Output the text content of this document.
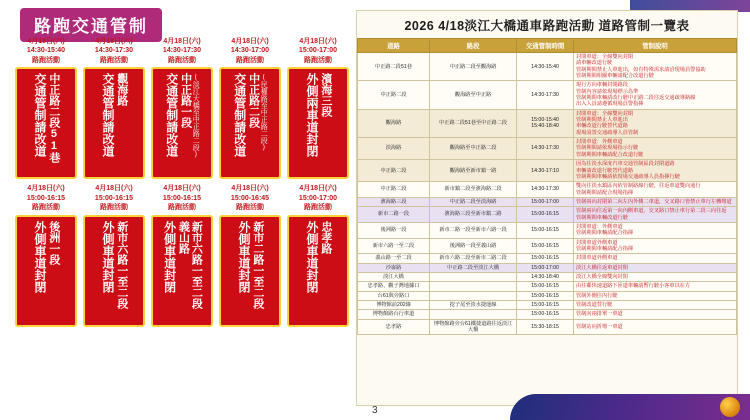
路跑交通管制
4月18日(六)
14:30-15:40
路跑活動
中正路二段51巷
交通管制請改道
4月18日(六)
14:30-17:30
路跑活動
觀海路
交通管制請改道
4月18日(六)
14:30-17:30
路跑活動
(淡江大橋至中正路二段)
中正路一段
交通管制請改道
4月18日(六)
14:30-17:00
路跑活動
(民權路至中正路二段)
中正路二段
交通管制請改道
4月18日(六)
15:00-17:00
路跑活動
濱海三段
外側兩車道封閉
4月18日(六)
15:00-16:15
路跑活動
後洲一段
外側車道封閉
4月18日(六)
15:00-16:15
路跑活動
新市六路一至二段
外側車道封閉
4月18日(六)
15:00-16:15
路跑活動
新市六路一至二段
義山路
外側車道封閉
4月18日(六)
15:00-16:45
路跑活動
新市二路一至二段
外側車道封閉
4月18日(六)
15:00-17:00
路跑活動
忠孝路
外側車道封閉
2026 4/18淡江大橋通車路跑活動 道路管制一覽表
道路	路段	交通管制時間	管制說明
中正路二段51巷	中正路二段至觀海路	14:30-15:40	封閉車道：全線雙向封閉
請車輛改道行駛
管制期間禁止人車進出，如有特殊需求請洽現場員警協助
管制期間相關車輛請配合改道行駛
中正路二段	觀海路至中正路	14:30-17:30	現行方向車輛封閉路段
管制內容請依現場標示為準
管制期間車輛請改行駛中正路二段往返交通疏導路線
出入人員請遵循現場員警指揮
觀海路	中正路二段51巷至中正路二段	15:00-15:40
15:40-18:40	封閉車道：全線雙向封閉
管制期間禁止人車進出
車輛改道行駛替代道路
現場設置交通疏導人員管制
淡海路	觀海路至中正路二段	14:30-17:30	封閉車道：外側車道
管制期間請依現場指示行駛
管制期間車輛請配合改道行駛
中正路二段	觀海路至新市鎮一路	14:30-17:10	因為往淡水深度汽車交通管制區段封閉道路
車輛請改道行駛替代道路
管制期間車輛請依現場交通疏導人員指揮行駛
中正路二段	新市鎮二段至濱海路二段	14:30-17:30	雙向往淡水鎮區內依管制路線行駛，往返車道雙向通行
管制期間請配合現場指揮
濱海路三段	中正路二段至淡海路	15:00-17:00	管制兩向封閉第二向左內外側二車道，交叉路口皆禁止車行左轉彎道
新市二路一段	濱海路三段至新市鎮二路	15:00-16:15	管制兩向往返第一向內側車道，交叉路口禁止車行第二段三向往返
管制期間車輛改道行駛
後洲路一段	新市二路一段至新市六路一段	15:00-16:15	封閉車道：外側車道
管制期間車輛請配合指揮
新市六路一至二段	後洲路一段至義山路	15:00-16:15	封閉車道外側車道
管制期間車輛請配合指揮
義山路一至二段	新市六路二段至新市二路二段	15:00-16:15	封閉車道外側車道
沙崙路	中正路二段至淡江大橋	15:00-17:00	淡江大橋往返車道封閉
淡江大橋		14:30-18:40	淡江大橋全線雙向封閉
忠孝路、觀子灣地據口		15:00-16:15	由往鄰快速道路下匝道車輛請暫行駛小客車以在方
台61與旁路口		15:00-16:15	管制外側往內行駛
博物館前202線	挖子尾至淡水捷運線	15:00-16:15	管制改道替行駛
博物館路台行車道		15:00-16:15	管制向兩排單一車道
忠孝路	博物館路旁台61鐵捷道路往返淡江大橋	15:30-18:15	管制站向折彎一車道
3
